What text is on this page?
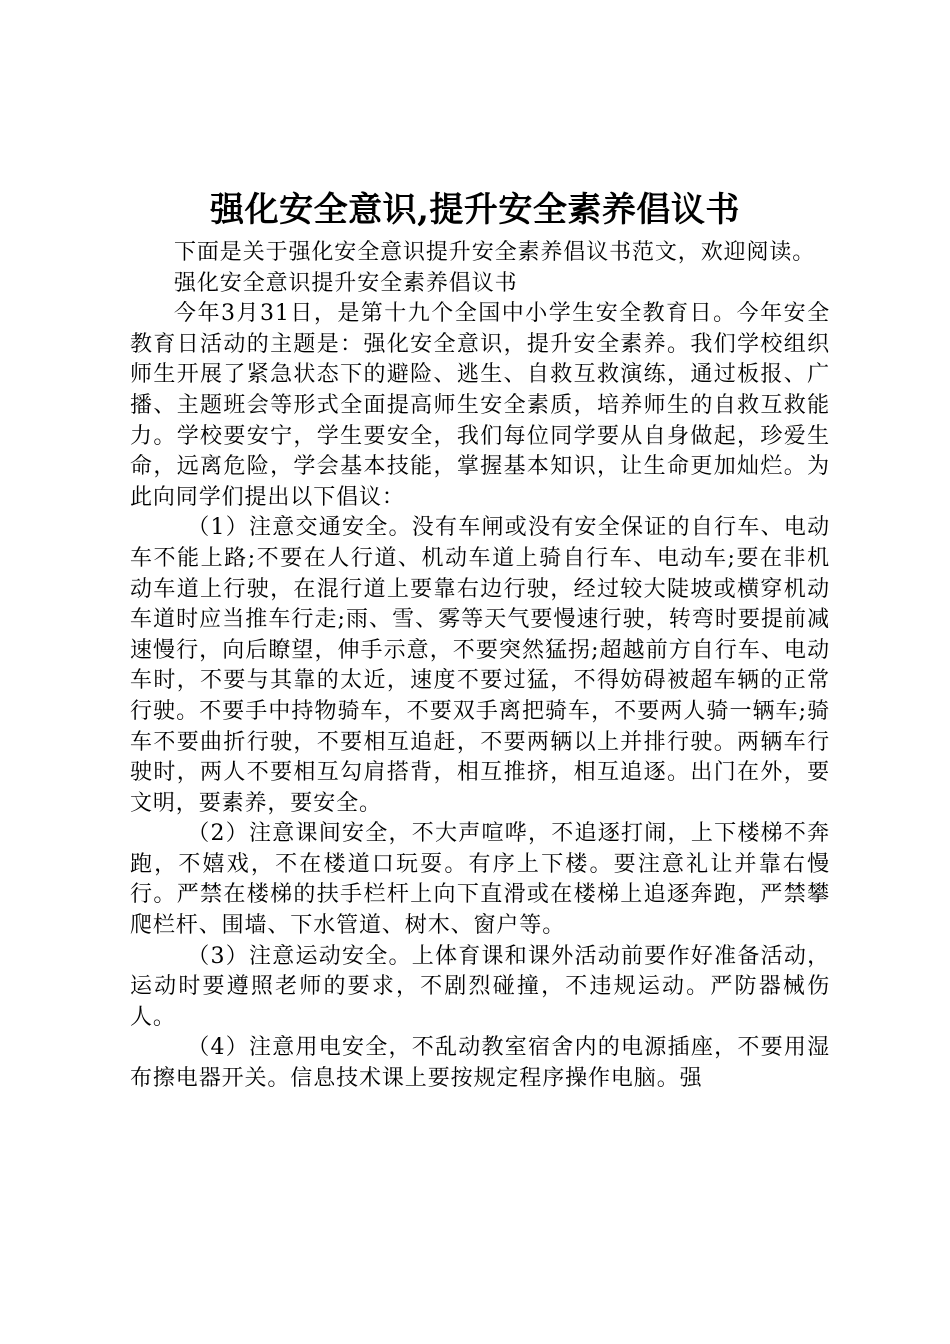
强化安全意识,提升安全素养倡议书

下面是关于强化安全意识提升安全素养倡议书范文，欢迎阅读。

强化安全意识提升安全素养倡议书

今年3月31日，是第十九个全国中小学生安全教育日。今年安全教育日活动的主题是：强化安全意识，提升安全素养。我们学校组织师生开展了紧急状态下的避险、逃生、自救互救演练，通过板报、广播、主题班会等形式全面提高师生安全素质，培养师生的自救互救能力。学校要安宁，学生要安全，我们每位同学要从自身做起，珍爱生命，远离危险，学会基本技能，掌握基本知识，让生命更加灿烂。为此向同学们提出以下倡议：

（1）注意交通安全。没有车闸或没有安全保证的自行车、电动车不能上路;不要在人行道、机动车道上骑自行车、电动车;要在非机动车道上行驶，在混行道上要靠右边行驶，经过较大陡坡或横穿机动车道时应当推车行走;雨、雪、雾等天气要慢速行驶，转弯时要提前减速慢行，向后瞭望，伸手示意，不要突然猛拐;超越前方自行车、电动车时，不要与其靠的太近，速度不要过猛，不得妨碍被超车辆的正常行驶。不要手中持物骑车，不要双手离把骑车，不要两人骑一辆车;骑车不要曲折行驶，不要相互追赶，不要两辆以上并排行驶。两辆车行驶时，两人不要相互勾肩搭背，相互推挤，相互追逐。出门在外，要文明，要素养，要安全。

（2）注意课间安全，不大声喧哗，不追逐打闹，上下楼梯不奔跑，不嬉戏，不在楼道口玩耍。有序上下楼。要注意礼让并靠右慢行。严禁在楼梯的扶手栏杆上向下直滑或在楼梯上追逐奔跑，严禁攀爬栏杆、围墙、下水管道、树木、窗户等。

（3）注意运动安全。上体育课和课外活动前要作好准备活动，运动时要遵照老师的要求，不剧烈碰撞，不违规运动。严防器械伤人。

（4）注意用电安全，不乱动教室宿舍内的电源插座，不要用湿布擦电器开关。信息技术课上要按规定程序操作电脑。强
